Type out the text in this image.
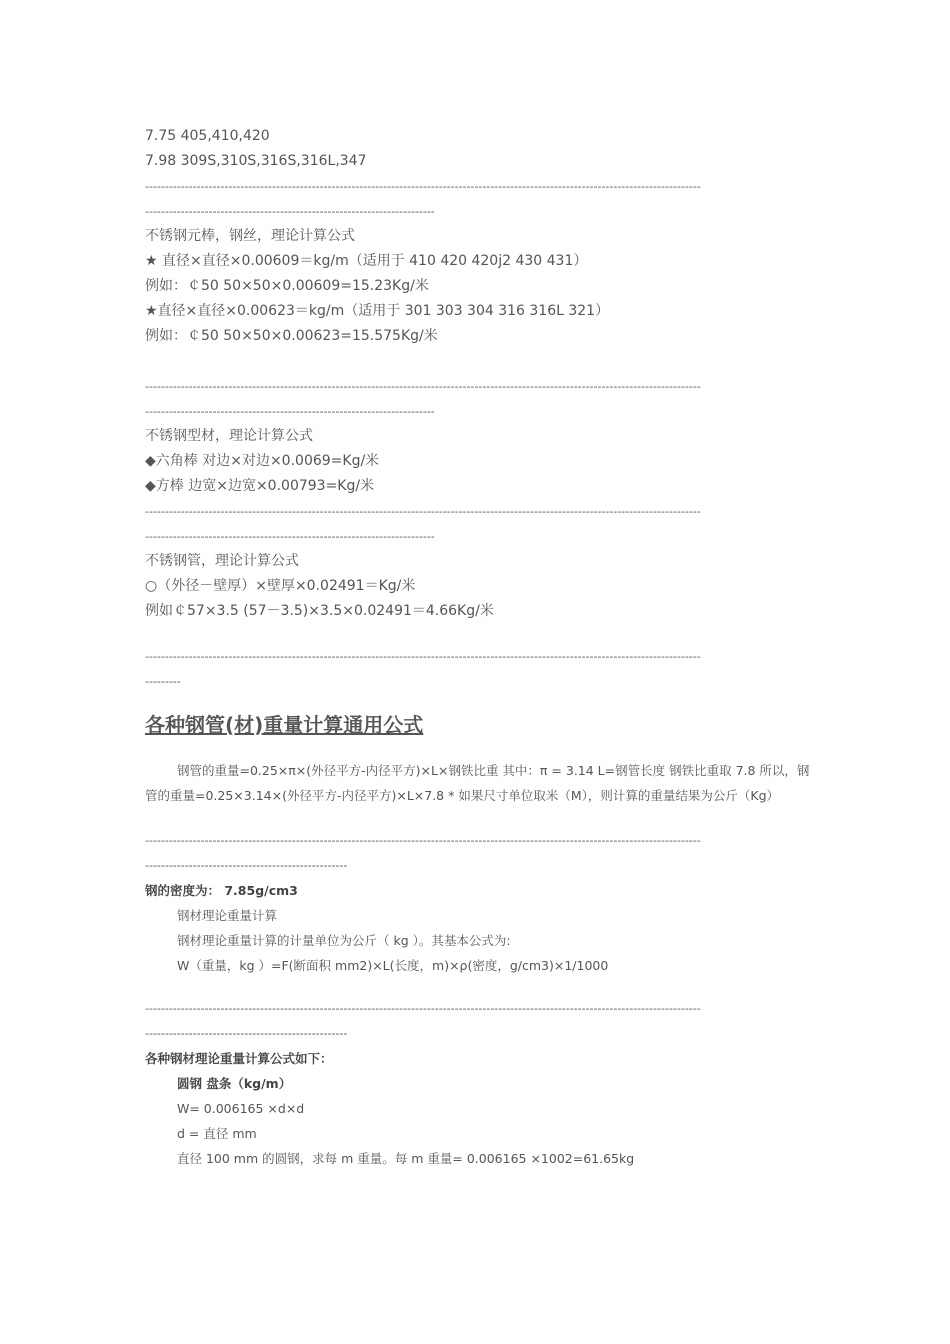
7.75 405,410,420
7.98 309S,310S,316S,316L,347
--------------------------------------------------------------------------------------------------------------------------------------------
-------------------------------------------------------------------------
不锈钢元棒，钢丝，理论计算公式
★ 直径×直径×0.00609＝kg/m（适用于 410 420 420j2 430 431）
例如：￠50 50×50×0.00609=15.23Kg/米
★直径×直径×0.00623＝kg/m（适用于 301 303 304 316 316L 321）
例如：￠50 50×50×0.00623=15.575Kg/米
--------------------------------------------------------------------------------------------------------------------------------------------
-------------------------------------------------------------------------
不锈钢型材，理论计算公式
◆六角棒 对边×对边×0.0069=Kg/米
◆方棒 边宽×边宽×0.00793=Kg/米
--------------------------------------------------------------------------------------------------------------------------------------------
-------------------------------------------------------------------------
不锈钢管，理论计算公式
○（外径－壁厚）×壁厚×0.02491＝Kg/米
例如￠57×3.5 (57－3.5)×3.5×0.02491＝4.66Kg/米
--------------------------------------------------------------------------------------------------------------------------------------------
---------
各种钢管(材)重量计算通用公式
钢管的重量=0.25×π×(外径平方-内径平方)×L×钢铁比重 其中：π = 3.14 L=钢管长度 钢铁比重取 7.8 所以，钢管的重量=0.25×3.14×(外径平方-内径平方)×L×7.8 * 如果尺寸单位取米（M），则计算的重量结果为公斤（Kg）
--------------------------------------------------------------------------------------------------------------------------------------------
---------------------------------------------------
钢的密度为： 7.85g/cm3
钢材理论重量计算
钢材理论重量计算的计量单位为公斤（ kg ）。其基本公式为:
W（重量，kg ）=F(断面积 mm2)×L(长度，m)×ρ(密度，g/cm3)×1/1000
--------------------------------------------------------------------------------------------------------------------------------------------
---------------------------------------------------
各种钢材理论重量计算公式如下：
圆钢 盘条（kg/m）
W= 0.006165 ×d×d
d = 直径 mm
直径 100 mm 的圆钢，求每 m 重量。每 m 重量= 0.006165 ×1002=61.65kg
